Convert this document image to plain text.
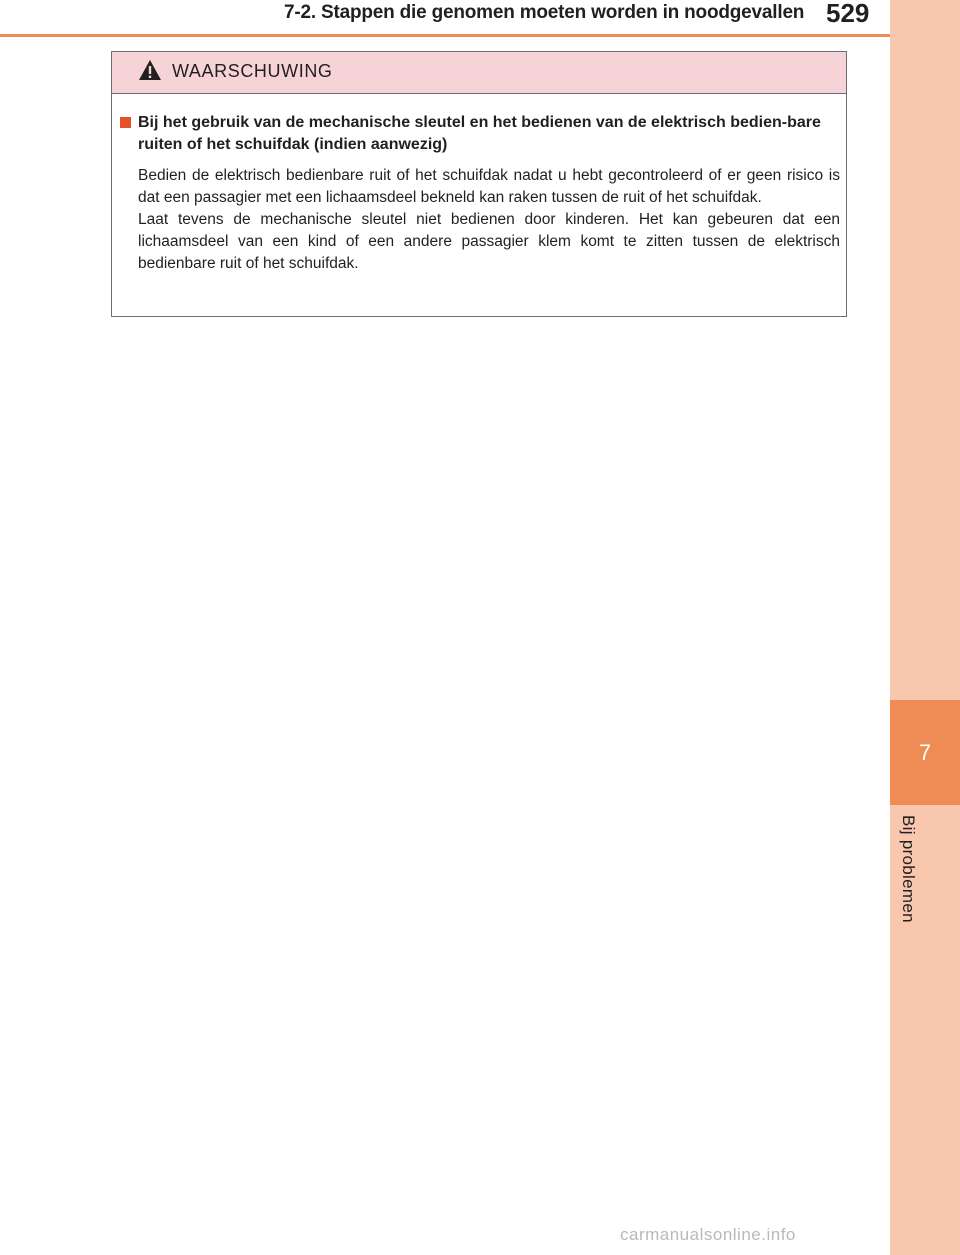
7
Bij problemen
7-2. Stappen die genomen moeten worden in noodgevallen 529
WAARSCHUWING
Bij het gebruik van de mechanische sleutel en het bedienen van de elektrisch bedien-bare ruiten of het schuifdak (indien aanwezig)

Bedien de elektrisch bedienbare ruit of het schuifdak nadat u hebt gecontroleerd of er geen risico is dat een passagier met een lichaamsdeel bekneld kan raken tussen de ruit of het schuifdak.

Laat tevens de mechanische sleutel niet bedienen door kinderen. Het kan gebeuren dat een lichaamsdeel van een kind of een andere passagier klem komt te zitten tussen de elektrisch bedienbare ruit of het schuifdak.

carmanualsonline.info
